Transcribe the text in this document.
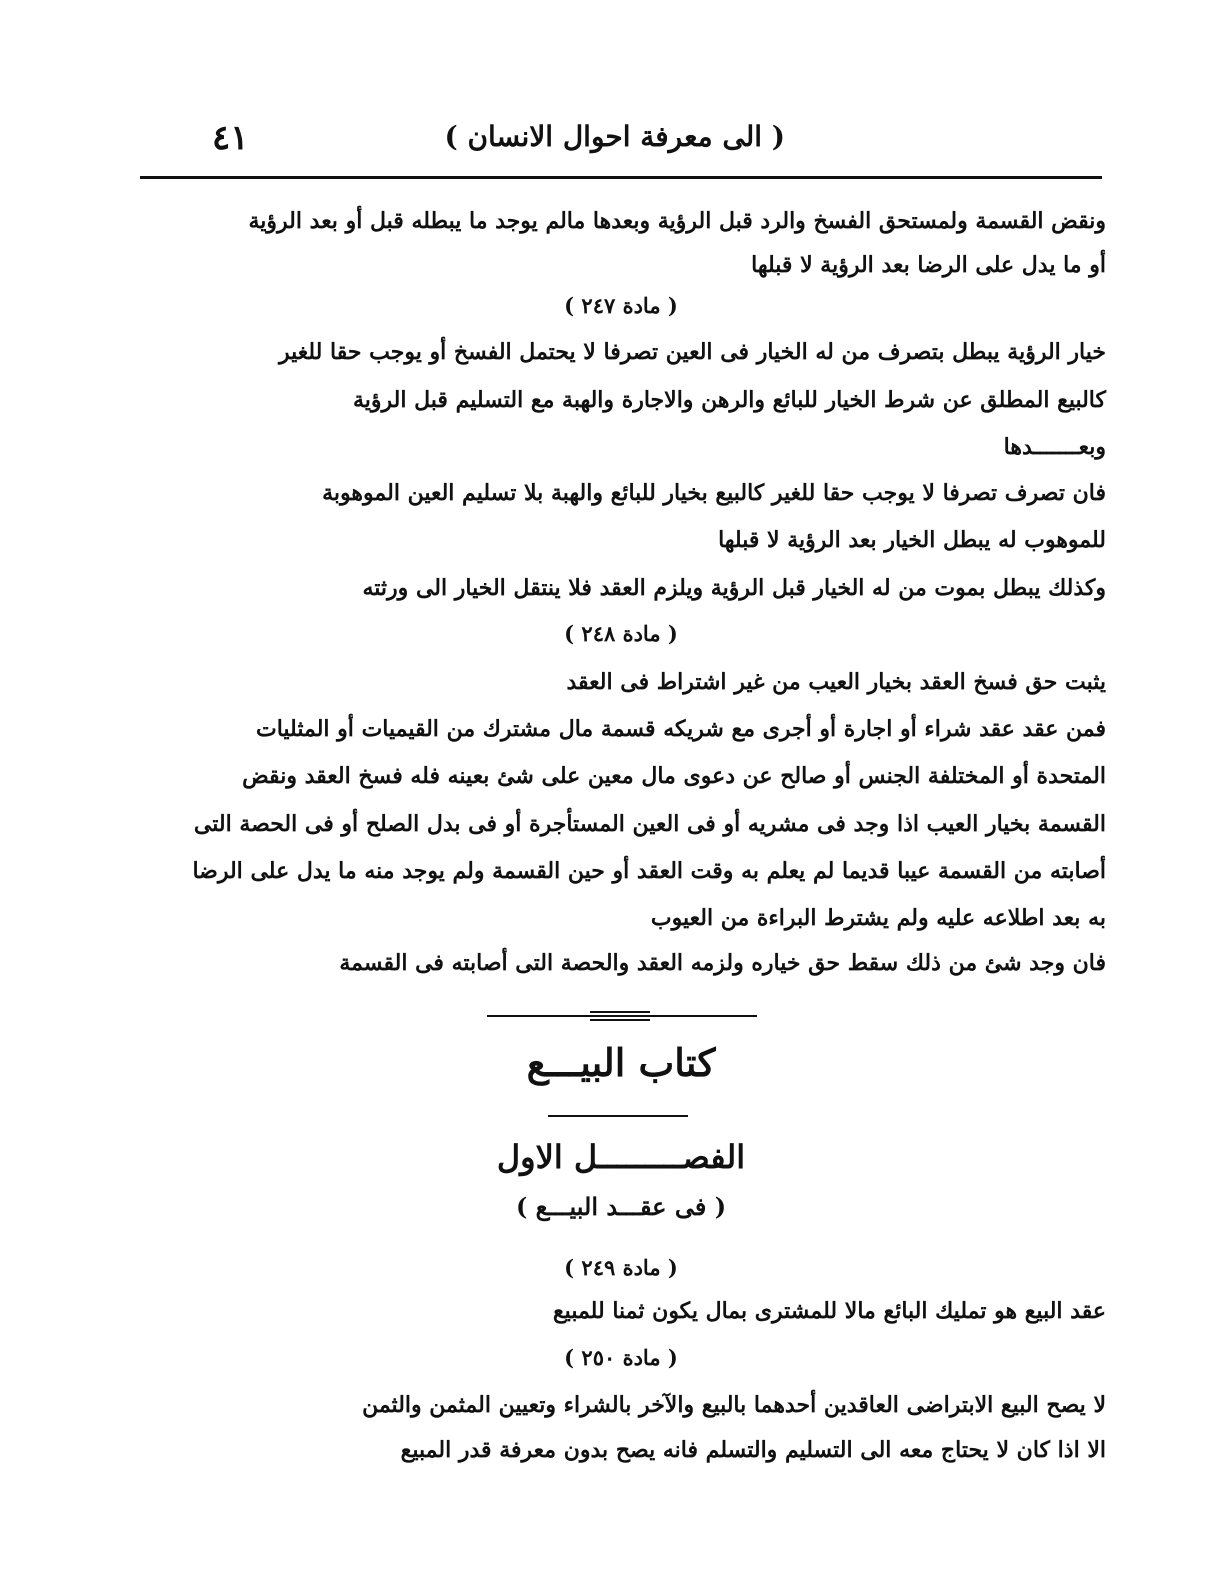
( الى معرفة احوال الانسان )
٤١
ونقض القسمة ولمستحق الفسخ والرد قبل الرؤية وبعدها مالم يوجد ما يبطله قبل أو بعد الرؤية
أو ما يدل على الرضا بعد الرؤية لا قبلها
( مادة ٢٤٧ )
خيار الرؤية يبطل بتصرف من له الخيار فى العين تصرفا لا يحتمل الفسخ أو يوجب حقا للغير
كالبيع المطلق عن شرط الخيار للبائع والرهن والاجارة والهبة مع التسليم قبل الرؤية
وبعـــــــدها
فان تصرف تصرفا لا يوجب حقا للغير كالبيع بخيار للبائع والهبة بلا تسليم العين الموهوبة
للموهوب له يبطل الخيار بعد الرؤية لا قبلها
وكذلك يبطل بموت من له الخيار قبل الرؤية ويلزم العقد فلا ينتقل الخيار الى ورثته
( مادة ٢٤٨ )
يثبت حق فسخ العقد بخيار العيب من غير اشتراط فى العقد
فمن عقد عقد شراء أو اجارة أو أجرى مع شريكه قسمة مال مشترك من القيميات أو المثليات
المتحدة أو المختلفة الجنس أو صالح عن دعوى مال معين على شئ بعينه فله فسخ العقد ونقض
القسمة بخيار العيب اذا وجد فى مشريه أو فى العين المستأجرة أو فى بدل الصلح أو فى الحصة التى
أصابته من القسمة عيبا قديما لم يعلم به وقت العقد أو حين القسمة ولم يوجد منه ما يدل على الرضا
به بعد اطلاعه عليه ولم يشترط البراءة من العيوب
فان وجد شئ من ذلك سقط حق خياره ولزمه العقد والحصة التى أصابته فى القسمة
كتاب البيـــع
الفصـــــــــل الاول
( فى عقـــد البيـــع )
( مادة ٢٤٩ )
عقد البيع هو تمليك البائع مالا للمشترى بمال يكون ثمنا للمبيع
( مادة ٢٥٠ )
لا يصح البيع الابتراضى العاقدين أحدهما بالبيع والآخر بالشراء وتعيين المثمن والثمن
الا اذا كان لا يحتاج معه الى التسليم والتسلم فانه يصح بدون معرفة قدر المبيع
